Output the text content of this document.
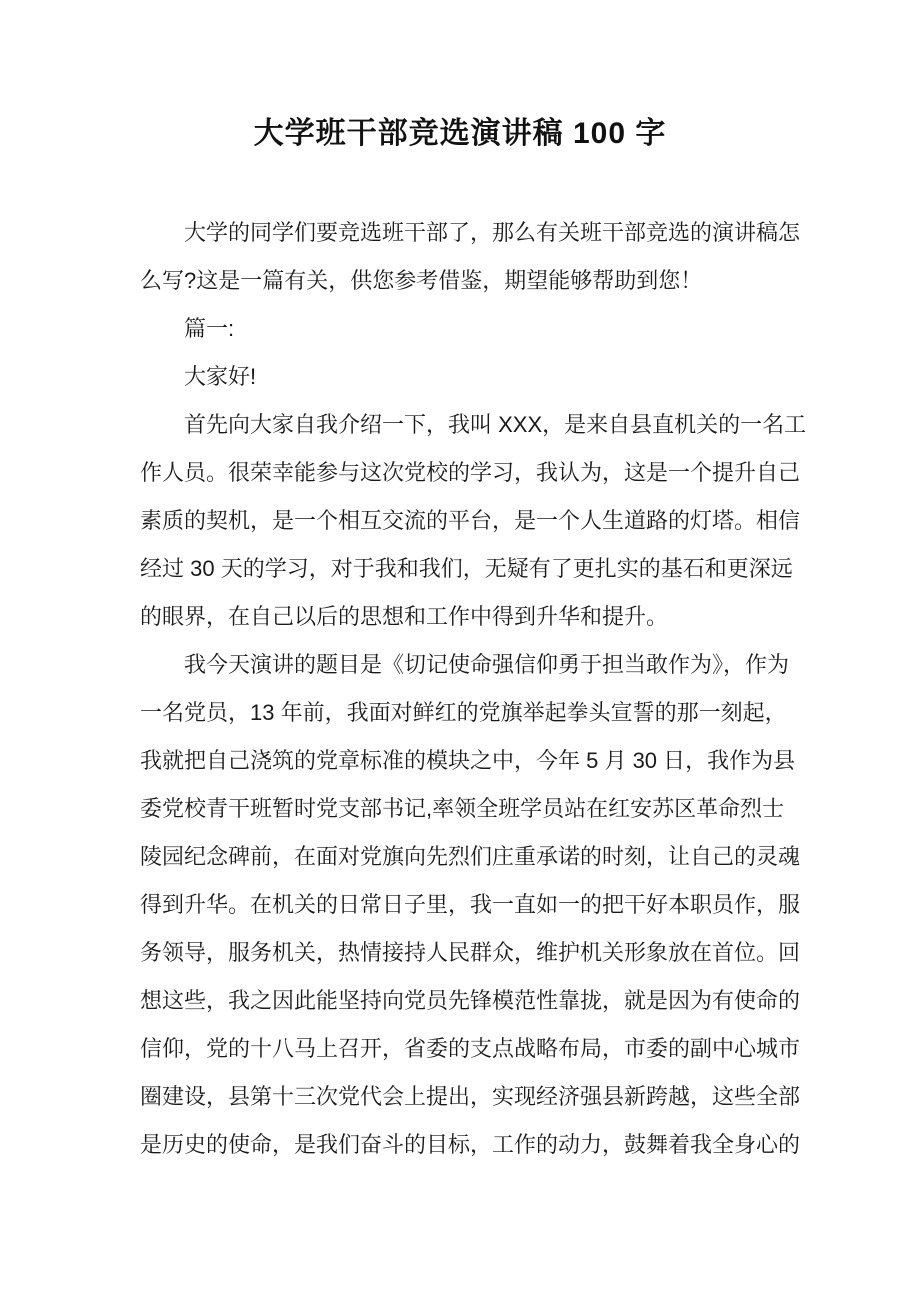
大学班干部竞选演讲稿 100 字
大学的同学们要竞选班干部了，那么有关班干部竞选的演讲稿怎
么写?这是一篇有关，供您参考借鉴，期望能够帮助到您！
篇一:
大家好!
首先向大家自我介绍一下，我叫 XXX，是来自县直机关的一名工
作人员。很荣幸能参与这次党校的学习，我认为，这是一个提升自己
素质的契机，是一个相互交流的平台，是一个人生道路的灯塔。相信
经过 30 天的学习，对于我和我们，无疑有了更扎实的基石和更深远
的眼界，在自己以后的思想和工作中得到升华和提升。
我今天演讲的题目是《切记使命强信仰勇于担当敢作为》，作为
一名党员，13 年前，我面对鲜红的党旗举起拳头宣誓的那一刻起，
我就把自己浇筑的党章标准的模块之中，今年 5 月 30 日，我作为县
委党校青干班暂时党支部书记,率领全班学员站在红安苏区革命烈士
陵园纪念碑前，在面对党旗向先烈们庄重承诺的时刻，让自己的灵魂
得到升华。在机关的日常日子里，我一直如一的把干好本职员作，服
务领导，服务机关，热情接持人民群众，维护机关形象放在首位。回
想这些，我之因此能坚持向党员先锋模范性靠拢，就是因为有使命的
信仰，党的十八马上召开，省委的支点战略布局，市委的副中心城市
圈建设，县第十三次党代会上提出，实现经济强县新跨越，这些全部
是历史的使命，是我们奋斗的目标，工作的动力，鼓舞着我全身心的
